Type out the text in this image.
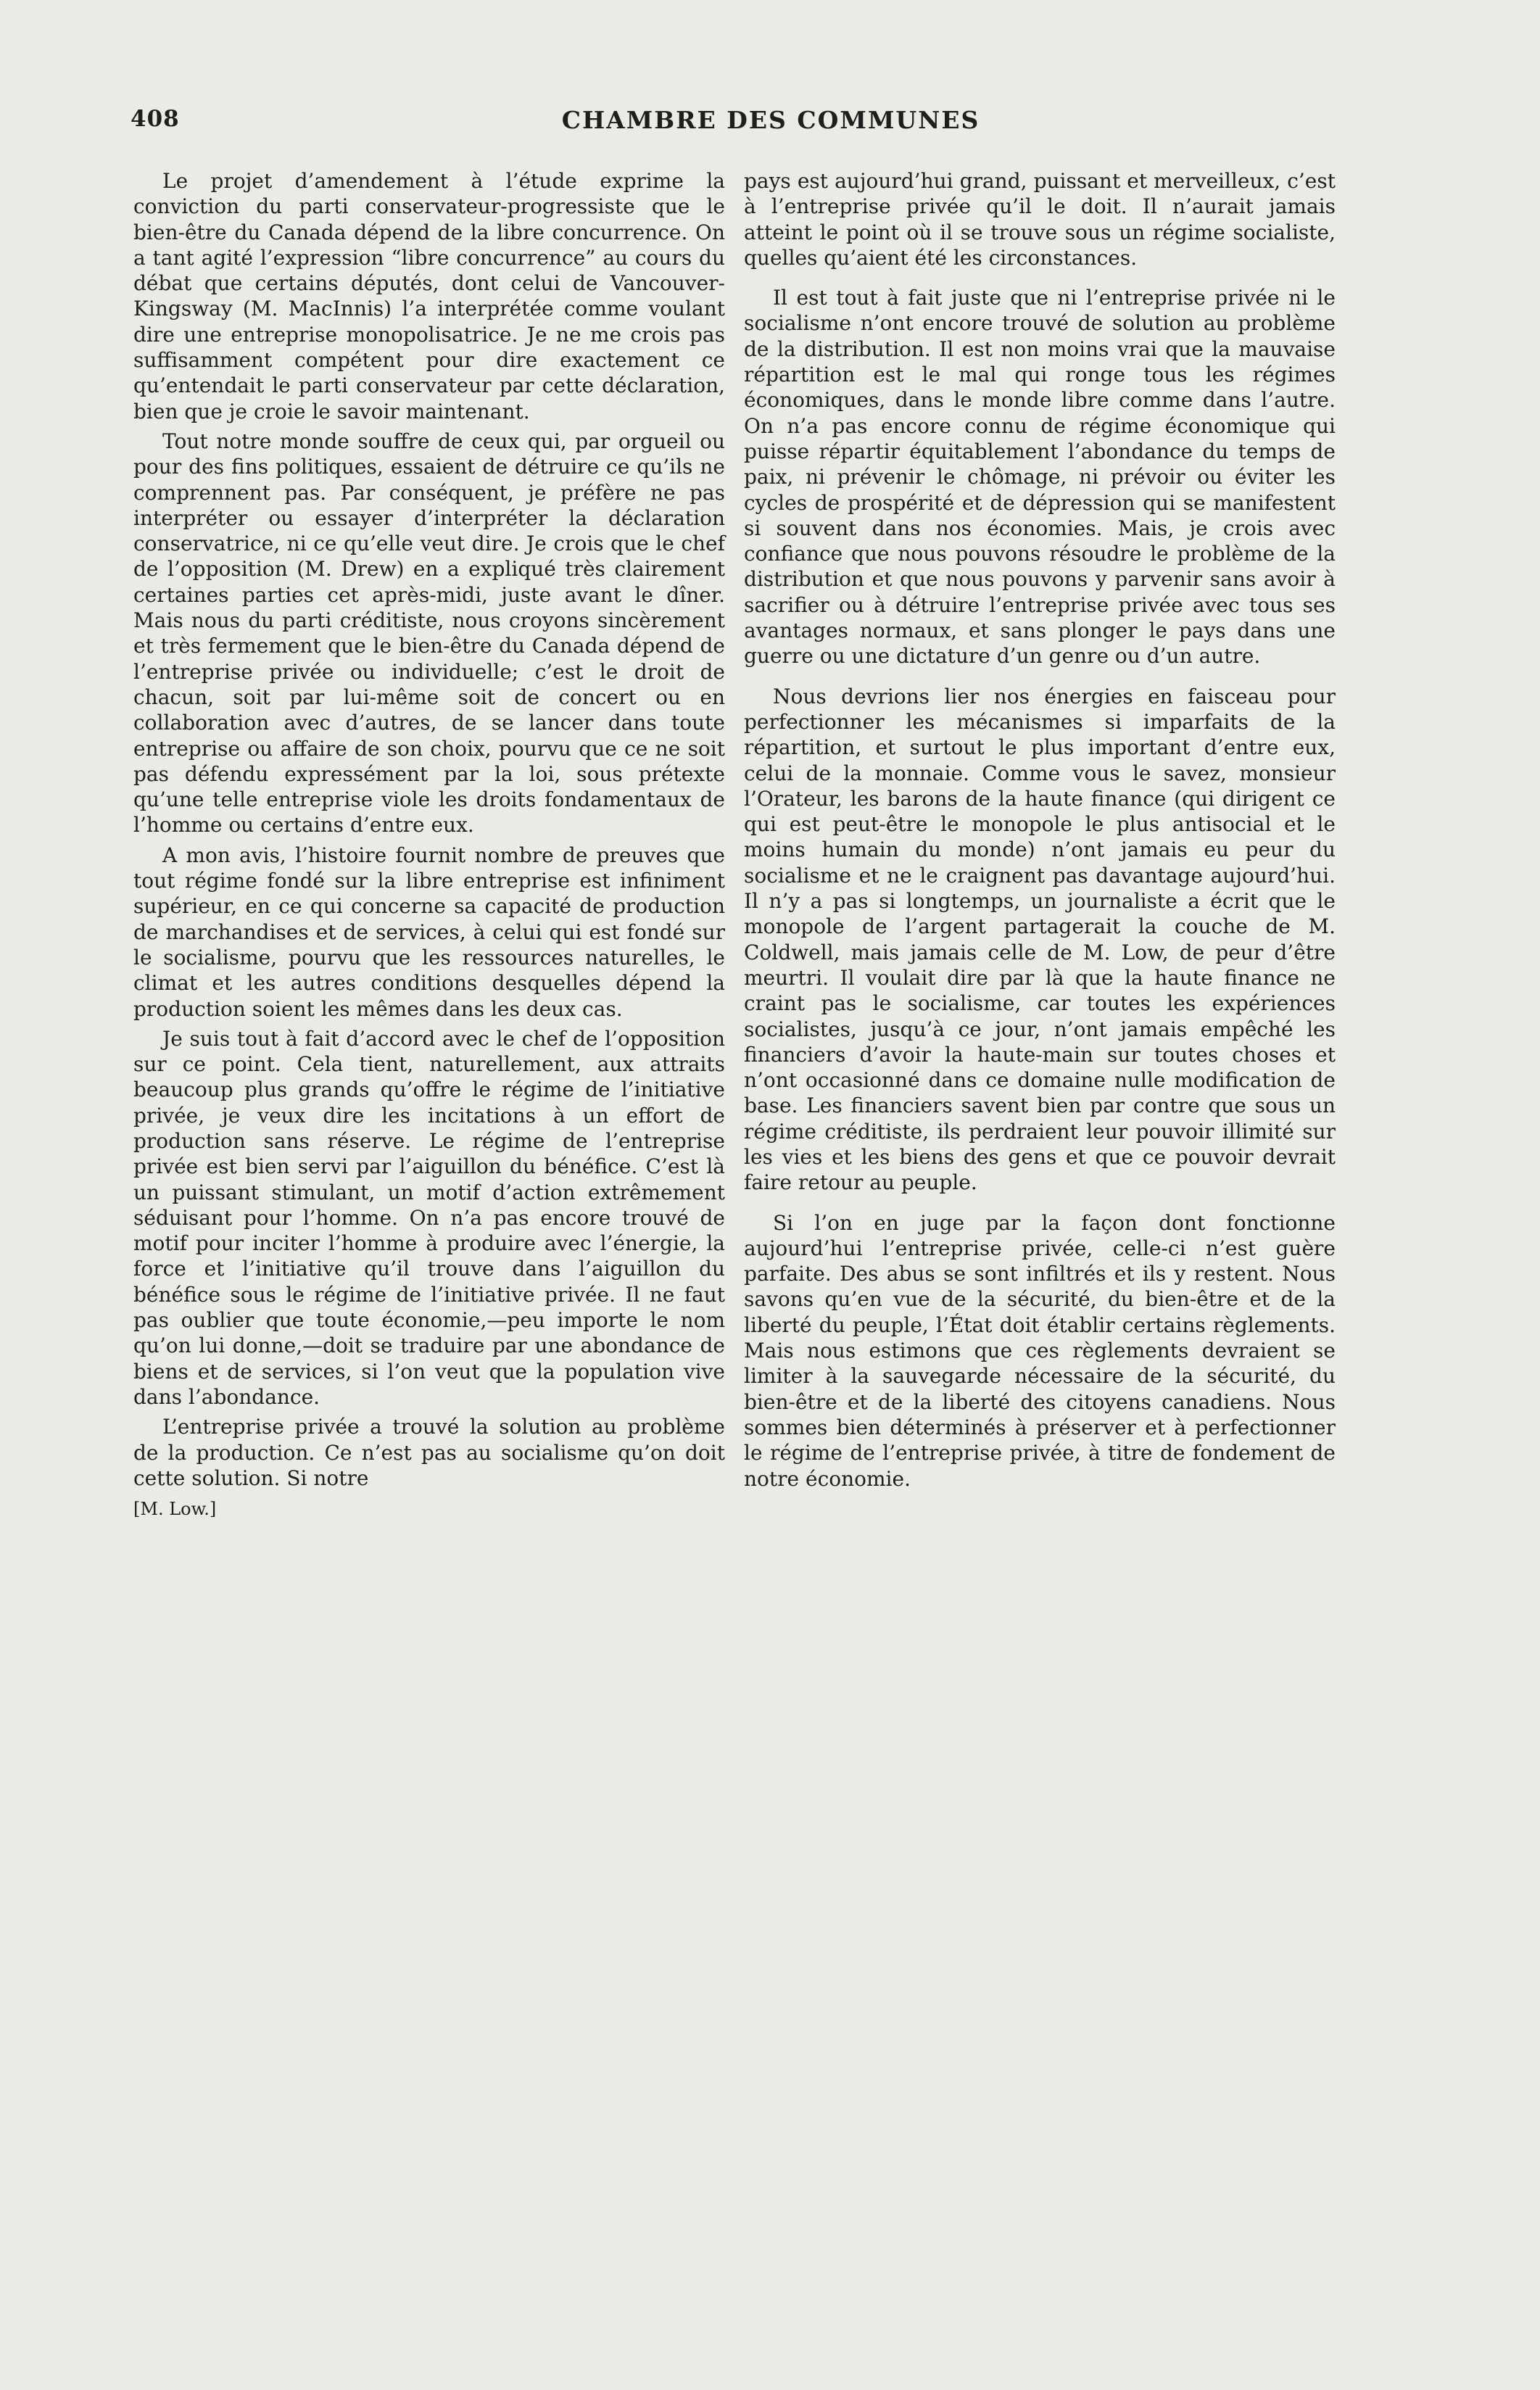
408	CHAMBRE DES COMMUNES

Le projet d’amendement à l’étude exprime la conviction du parti conservateur-progressiste que le bien-être du Canada dépend de la libre concurrence. On a tant agité l’expression “libre concurrence” au cours du débat que certains députés, dont celui de Vancouver-Kingsway (M. MacInnis) l’a interprétée comme voulant dire une entreprise monopolisatrice. Je ne me crois pas suffisamment compétent pour dire exactement ce qu’entendait le parti conservateur par cette déclaration, bien que je croie le savoir maintenant.

Tout notre monde souffre de ceux qui, par orgueil ou pour des fins politiques, essaient de détruire ce qu’ils ne comprennent pas. Par conséquent, je préfère ne pas interpréter ou essayer d’interpréter la déclaration conservatrice, ni ce qu’elle veut dire. Je crois que le chef de l’opposition (M. Drew) en a expliqué très clairement certaines parties cet après-midi, juste avant le dîner. Mais nous du parti créditiste, nous croyons sincèrement et très fermement que le bien-être du Canada dépend de l’entreprise privée ou individuelle; c’est le droit de chacun, soit par lui-même soit de concert ou en collaboration avec d’autres, de se lancer dans toute entreprise ou affaire de son choix, pourvu que ce ne soit pas défendu expressément par la loi, sous prétexte qu’une telle entreprise viole les droits fondamentaux de l’homme ou certains d’entre eux.

A mon avis, l’histoire fournit nombre de preuves que tout régime fondé sur la libre entreprise est infiniment supérieur, en ce qui concerne sa capacité de production de marchandises et de services, à celui qui est fondé sur le socialisme, pourvu que les ressources naturelles, le climat et les autres conditions desquelles dépend la production soient les mêmes dans les deux cas.

Je suis tout à fait d’accord avec le chef de l’opposition sur ce point. Cela tient, naturellement, aux attraits beaucoup plus grands qu’offre le régime de l’initiative privée, je veux dire les incitations à un effort de production sans réserve. Le régime de l’entreprise privée est bien servi par l’aiguillon du bénéfice. C’est là un puissant stimulant, un motif d’action extrêmement séduisant pour l’homme. On n’a pas encore trouvé de motif pour inciter l’homme à produire avec l’énergie, la force et l’initiative qu’il trouve dans l’aiguillon du bénéfice sous le régime de l’initiative privée. Il ne faut pas oublier que toute économie,—peu importe le nom qu’on lui donne,—doit se traduire par une abondance de biens et de services, si l’on veut que la population vive dans l’abondance.

L’entreprise privée a trouvé la solution au problème de la production. Ce n’est pas au socialisme qu’on doit cette solution. Si notre

[M. Low.]

pays est aujourd’hui grand, puissant et merveilleux, c’est à l’entreprise privée qu’il le doit. Il n’aurait jamais atteint le point où il se trouve sous un régime socialiste, quelles qu’aient été les circonstances.

Il est tout à fait juste que ni l’entreprise privée ni le socialisme n’ont encore trouvé de solution au problème de la distribution. Il est non moins vrai que la mauvaise répartition est le mal qui ronge tous les régimes économiques, dans le monde libre comme dans l’autre. On n’a pas encore connu de régime économique qui puisse répartir équitablement l’abondance du temps de paix, ni prévenir le chômage, ni prévoir ou éviter les cycles de prospérité et de dépression qui se manifestent si souvent dans nos économies. Mais, je crois avec confiance que nous pouvons résoudre le problème de la distribution et que nous pouvons y parvenir sans avoir à sacrifier ou à détruire l’entreprise privée avec tous ses avantages normaux, et sans plonger le pays dans une guerre ou une dictature d’un genre ou d’un autre.

Nous devrions lier nos énergies en faisceau pour perfectionner les mécanismes si imparfaits de la répartition, et surtout le plus important d’entre eux, celui de la monnaie. Comme vous le savez, monsieur l’Orateur, les barons de la haute finance (qui dirigent ce qui est peut-être le monopole le plus antisocial et le moins humain du monde) n’ont jamais eu peur du socialisme et ne le craignent pas davantage aujourd’hui. Il n’y a pas si longtemps, un journaliste a écrit que le monopole de l’argent partagerait la couche de M. Coldwell, mais jamais celle de M. Low, de peur d’être meurtri. Il voulait dire par là que la haute finance ne craint pas le socialisme, car toutes les expériences socialistes, jusqu’à ce jour, n’ont jamais empêché les financiers d’avoir la haute-main sur toutes choses et n’ont occasionné dans ce domaine nulle modification de base. Les financiers savent bien par contre que sous un régime créditiste, ils perdraient leur pouvoir illimité sur les vies et les biens des gens et que ce pouvoir devrait faire retour au peuple.

Si l’on en juge par la façon dont fonctionne aujourd’hui l’entreprise privée, celle-ci n’est guère parfaite. Des abus se sont infiltrés et ils y restent. Nous savons qu’en vue de la sécurité, du bien-être et de la liberté du peuple, l’État doit établir certains règlements. Mais nous estimons que ces règlements devraient se limiter à la sauvegarde nécessaire de la sécurité, du bien-être et de la liberté des citoyens canadiens. Nous sommes bien déterminés à préserver et à perfectionner le régime de l’entreprise privée, à titre de fondement de notre économie.
